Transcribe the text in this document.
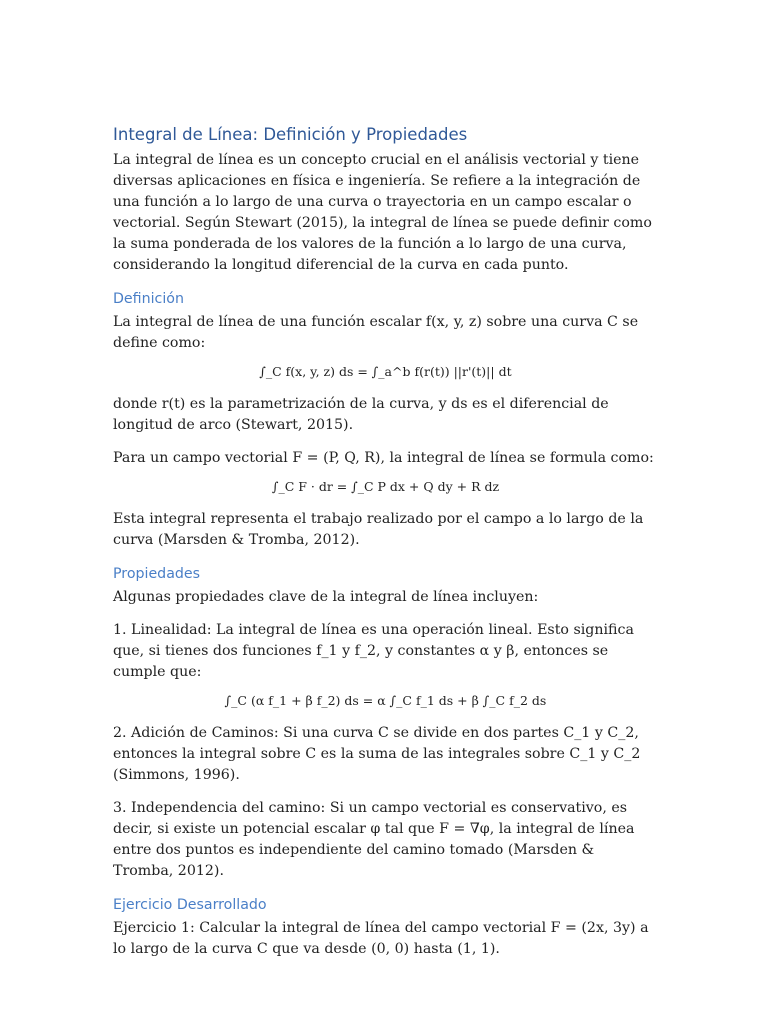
Integral de Línea: Definición y Propiedades

La integral de línea es un concepto crucial en el análisis vectorial y tiene diversas aplicaciones en física e ingeniería. Se refiere a la integración de una función a lo largo de una curva o trayectoria en un campo escalar o vectorial. Según Stewart (2015), la integral de línea se puede definir como la suma ponderada de los valores de la función a lo largo de una curva, considerando la longitud diferencial de la curva en cada punto.

Definición

La integral de línea de una función escalar f(x, y, z) sobre una curva C se define como:

∫_C f(x, y, z) ds = ∫_a^b f(r(t)) ||r'(t)|| dt

donde r(t) es la parametrización de la curva, y ds es el diferencial de longitud de arco (Stewart, 2015).

Para un campo vectorial F = (P, Q, R), la integral de línea se formula como:

∫_C F · dr = ∫_C P dx + Q dy + R dz

Esta integral representa el trabajo realizado por el campo a lo largo de la curva (Marsden & Tromba, 2012).

Propiedades

Algunas propiedades clave de la integral de línea incluyen:

1. Linealidad: La integral de línea es una operación lineal. Esto significa que, si tienes dos funciones f_1 y f_2, y constantes α y β, entonces se cumple que:

∫_C (α f_1 + β f_2) ds = α ∫_C f_1 ds + β ∫_C f_2 ds

2. Adición de Caminos: Si una curva C se divide en dos partes C_1 y C_2, entonces la integral sobre C es la suma de las integrales sobre C_1 y C_2 (Simmons, 1996).

3. Independencia del camino: Si un campo vectorial es conservativo, es decir, si existe un potencial escalar φ tal que F = ∇φ, la integral de línea entre dos puntos es independiente del camino tomado (Marsden & Tromba, 2012).

Ejercicio Desarrollado

Ejercicio 1: Calcular la integral de línea del campo vectorial F = (2x, 3y) a lo largo de la curva C que va desde (0, 0) hasta (1, 1).
